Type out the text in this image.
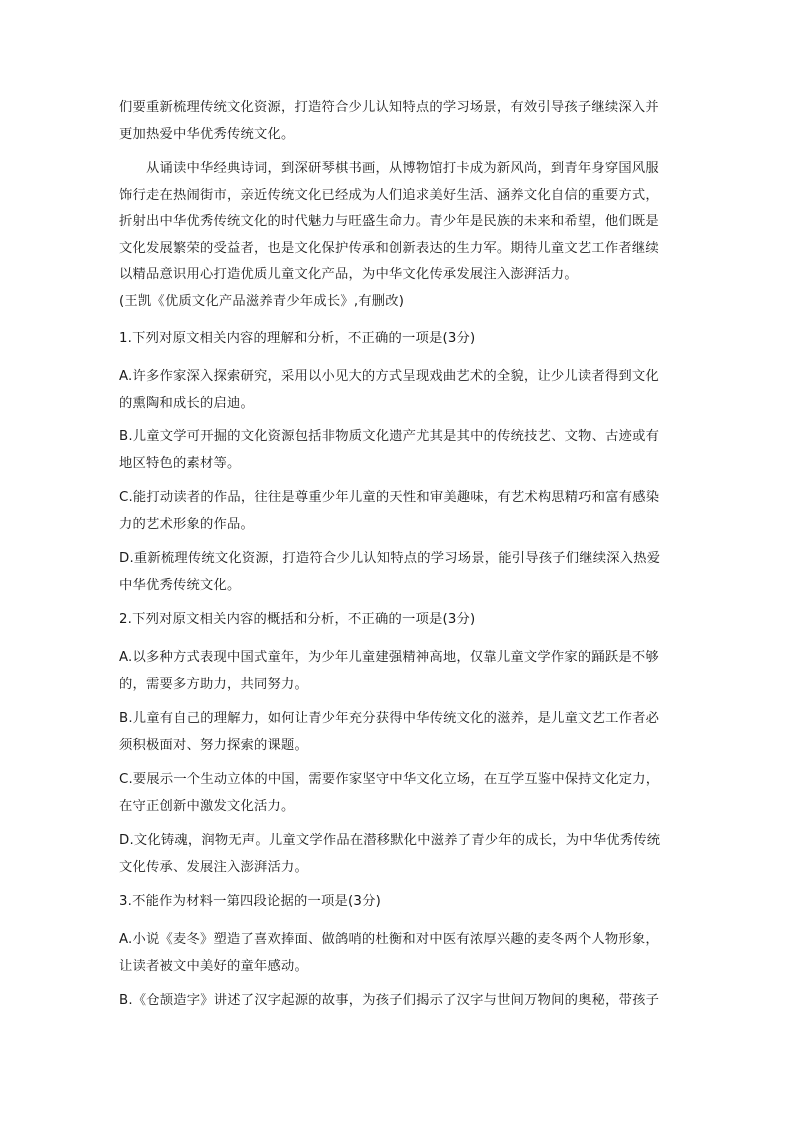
们要重新梳理传统文化资源，打造符合少儿认知特点的学习场景，有效引导孩子继续深入并
更加热爱中华优秀传统文化。
　　从诵读中华经典诗词，到深研琴棋书画，从博物馆打卡成为新风尚，到青年身穿国风服
饰行走在热闹街市，亲近传统文化已经成为人们追求美好生活、涵养文化自信的重要方式，
折射出中华优秀传统文化的时代魅力与旺盛生命力。青少年是民族的未来和希望，他们既是
文化发展繁荣的受益者，也是文化保护传承和创新表达的生力军。期待儿童文艺工作者继续
以精品意识用心打造优质儿童文化产品，为中华文化传承发展注入澎湃活力。
(王凯《优质文化产品滋养青少年成长》,有删改)
1.下列对原文相关内容的理解和分析，不正确的一项是(3分)
A.许多作家深入探索研究，采用以小见大的方式呈现戏曲艺术的全貌，让少儿读者得到文化
的熏陶和成长的启迪。
B.儿童文学可开掘的文化资源包括非物质文化遗产尤其是其中的传统技艺、文物、古迹或有
地区特色的素材等。
C.能打动读者的作品，往往是尊重少年儿童的天性和审美趣味，有艺术构思精巧和富有感染
力的艺术形象的作品。
D.重新梳理传统文化资源，打造符合少儿认知特点的学习场景，能引导孩子们继续深入热爱
中华优秀传统文化。
2.下列对原文相关内容的概括和分析，不正确的一项是(3分)
A.以多种方式表现中国式童年，为少年儿童建强精神高地，仅靠儿童文学作家的踊跃是不够
的，需要多方助力，共同努力。
B.儿童有自己的理解力，如何让青少年充分获得中华传统文化的滋养，是儿童文艺工作者必
须积极面对、努力探索的课题。
C.要展示一个生动立体的中国，需要作家坚守中华文化立场，在互学互鉴中保持文化定力，
在守正创新中激发文化活力。
D.文化铸魂，润物无声。儿童文学作品在潜移默化中滋养了青少年的成长，为中华优秀传统
文化传承、发展注入澎湃活力。
3.不能作为材料一第四段论据的一项是(3分)
A.小说《麦冬》塑造了喜欢捧面、做鸽哨的杜衡和对中医有浓厚兴趣的麦冬两个人物形象，
让读者被文中美好的童年感动。
B.《仓颉造字》讲述了汉字起源的故事，为孩子们揭示了汉字与世间万物间的奥秘，带孩子
